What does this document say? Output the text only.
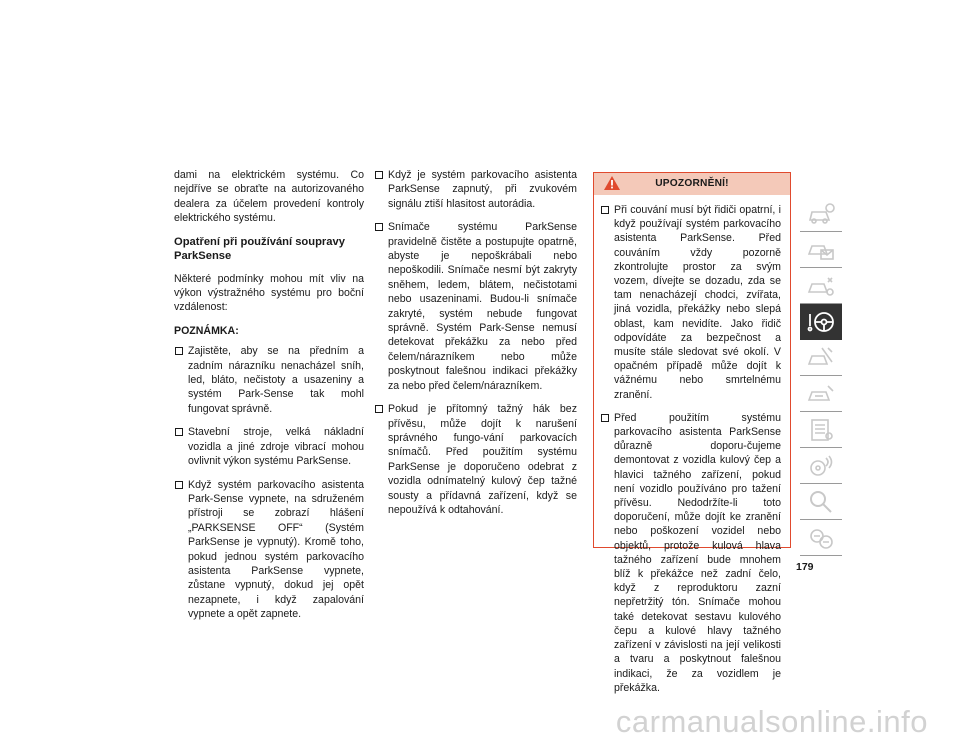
dami na elektrickém systému. Co nejdříve se obraťte na autorizovaného dealera za účelem provedení kontroly elektrického systému.

Opatření při používání soupravy ParkSense

Některé podmínky mohou mít vliv na výkon výstražného systému pro boční vzdálenost:

POZNÁMKA:
Zajistěte, aby se na předním a zadním nárazníku nenacházel sníh, led, bláto, nečistoty a usazeniny a systém Park-Sense tak mohl fungovat správně.
Stavební stroje, velká nákladní vozidla a jiné zdroje vibrací mohou ovlivnit výkon systému ParkSense.
Když systém parkovacího asistenta Park-Sense vypnete, na sdruženém přístroji se zobrazí hlášení „PARKSENSE OFF“ (Systém ParkSense je vypnutý). Kromě toho, pokud jednou systém parkovacího asistenta ParkSense vypnete, zůstane vypnutý, dokud jej opět nezapnete, i když zapalování vypnete a opět zapnete.
Když je systém parkovacího asistenta ParkSense zapnutý, při zvukovém signálu ztiší hlasitost autorádia.
Snímače systému ParkSense pravidelně čistěte a postupujte opatrně, abyste je nepoškrábali nebo nepoškodili. Snímače nesmí být zakryty sněhem, ledem, blátem, nečistotami nebo usazeninami. Budou-li snímače zakryté, systém nebude fungovat správně. Systém Park-Sense nemusí detekovat překážku za nebo před čelem/nárazníkem nebo může poskytnout falešnou indikaci překážky za nebo před čelem/nárazníkem.
Pokud je přítomný tažný hák bez přívěsu, může dojít k narušení správného fungo-vání parkovacích snímačů. Před použitím systému ParkSense je doporučeno odebrat z vozidla odnímatelný kulový čep tažné sousty a přídavná zařízení, když se nepoužívá k odtahování.
UPOZORNĚNÍ!
Při couvání musí být řidiči opatrní, i když používají systém parkovacího asistenta ParkSense. Před couváním vždy pozorně zkontrolujte prostor za svým vozem, dívejte se dozadu, zda se tam nenacházejí chodci, zvířata, jiná vozidla, překážky nebo slepá oblast, kam nevidíte. Jako řidič odpovídáte za bezpečnost a musíte stále sledovat své okolí. V opačném případě může dojít k vážnému nebo smrtelnému zranění.
Před použitím systému parkovacího asistenta ParkSense důrazně doporu-čujeme demontovat z vozidla kulový čep a hlavici tažného zařízení, pokud není vozidlo používáno pro tažení přívěsu. Nedodržíte-li toto doporučení, může dojít ke zranění nebo poškození vozidel nebo objektů, protože kulová hlava tažného zařízení bude mnohem blíž k překážce než zadní čelo, když z reproduktoru zazní nepřetržitý tón. Snímače mohou také detekovat sestavu kulového čepu a kulové hlavy tažného zařízení v závislosti na její velikosti a tvaru a poskytnout falešnou indikaci, že za vozidlem je překážka.
179
carmanualsonline.info
